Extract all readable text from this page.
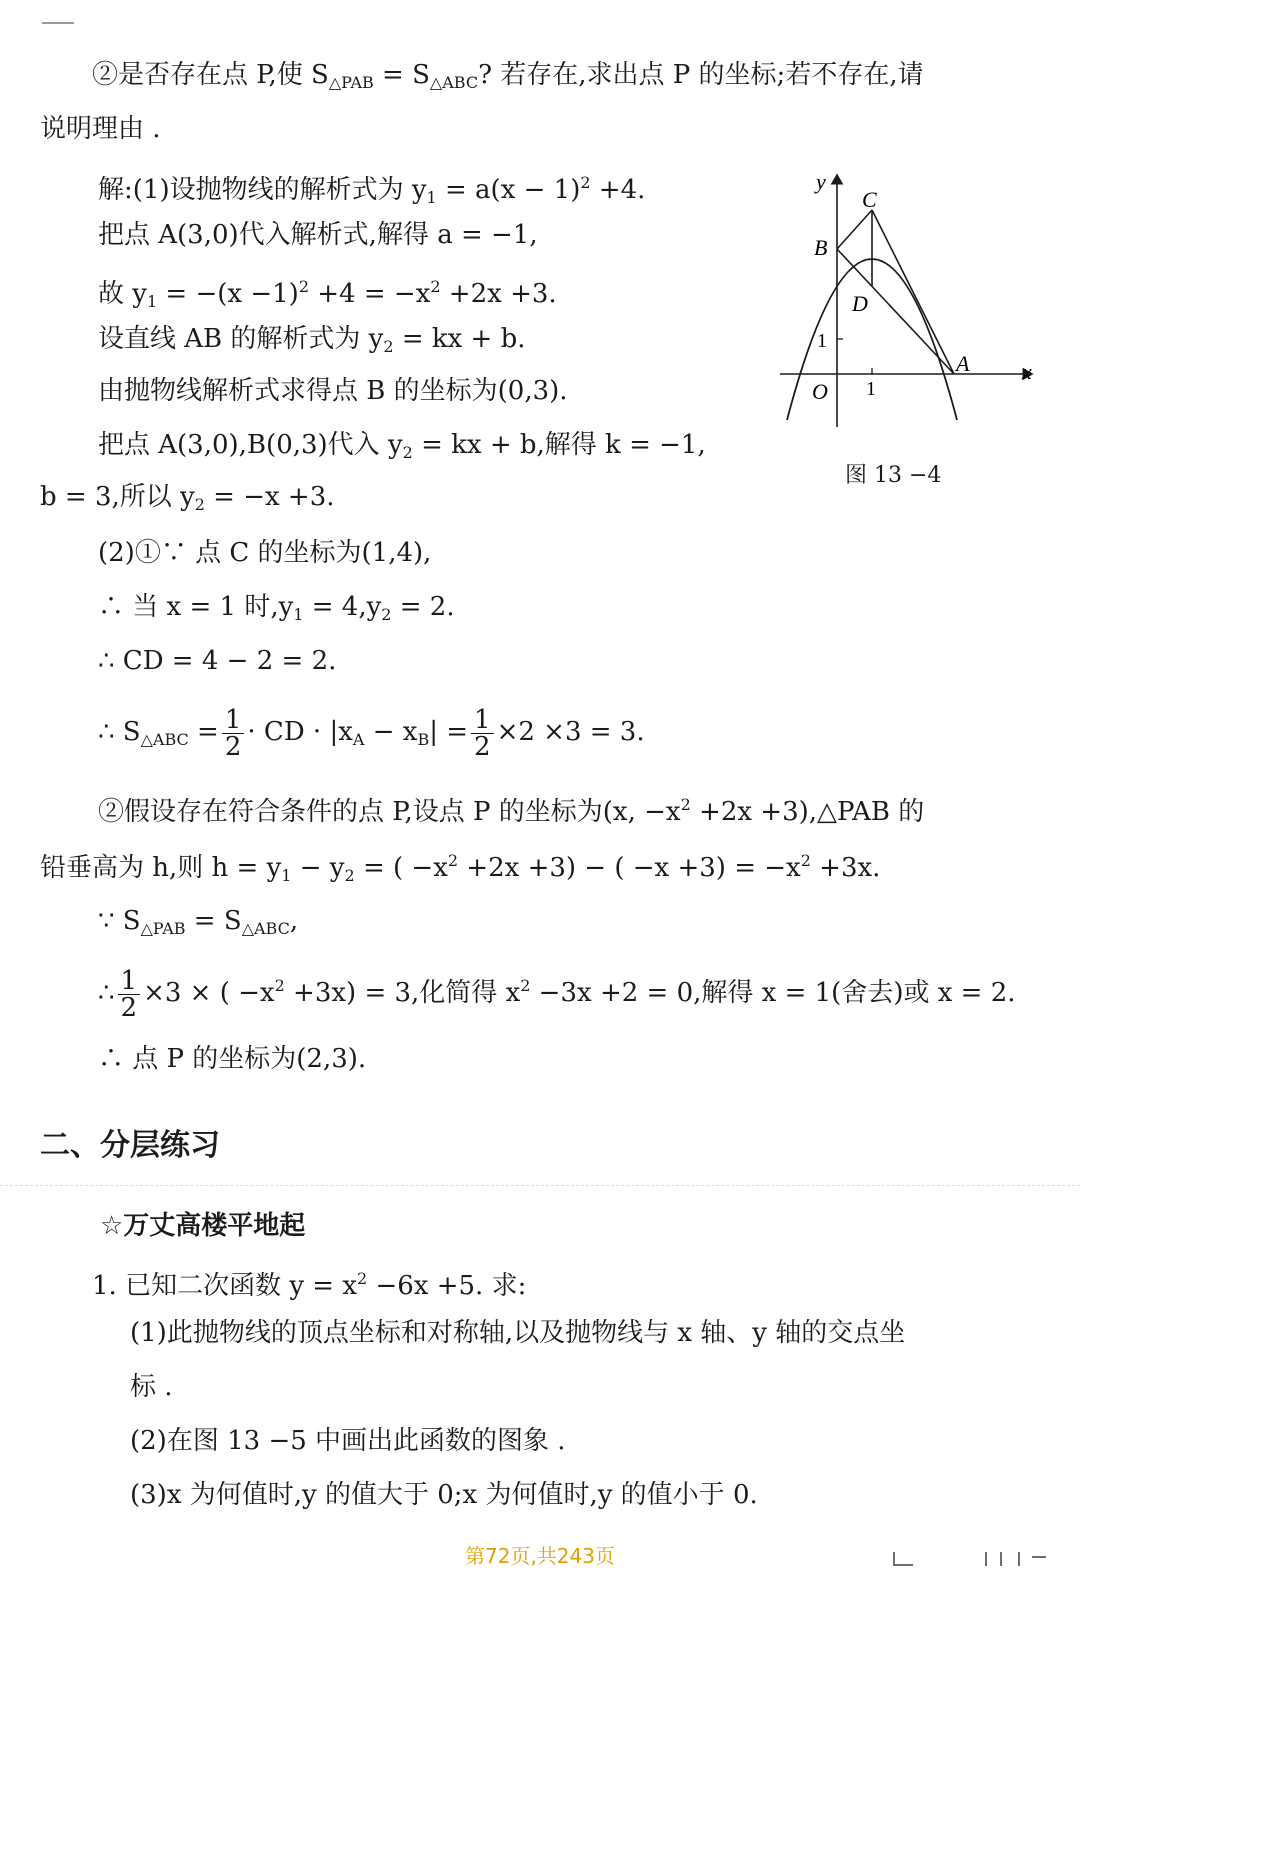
②是否存在点 P,使 $S_{\triangle PAB} = S_{\triangle ABC}$? 若存在,求出点 P 的坐标;若不存在,请
说明理由 .
解:(1)设抛物线的解析式为 $y_1 = a(x - 1)^2 +4$.
把点 A(3,0)代入解析式,解得 a = −1,
故 $y_1 = -(x -1)^2 +4 = -x^2 +2x +3$.
设直线 AB 的解析式为 $y_2$ = kx + b.
由抛物线解析式求得点 B 的坐标为(0,3).
把点 A(3,0),B(0,3)代入 $y_2$ = kx + b,解得 k = −1,
b = 3,所以 $y_2 = -x +3$.
(2)①∵ 点 C 的坐标为(1,4),
∴ 当 x = 1 时$,y_1 = 4,y_2 = 2$.
∴ CD = 4 − 2 = 2.
∴ $S_{\triangle ABC} = \frac{1}{2}$ · CD · $|x_A - x_B| = \frac{1}{2} \times 2 \times 3 = 3$.
②假设存在符合条件的点 P,设点 P 的坐标为(x, $-x^2 +2x$ +3),△PAB 的
铅垂高为 h,则 $h = y_1 - y_2$ = ( $-x^2 +2x +3$) − ( $-x +3) = -x^2 +3x$.
∵ $S_{\triangle PAB} = S_{\triangle ABC}$,
∴ $\frac{1}{2} \times 3$ × ( $-x^2 +3x) = 3$,化简得 $x^2 -3x +2 = 0$,解得 x = 1(舍去)或 x = 2.
∴ 点 P 的坐标为(2,3).
二、分层练习
☆万丈高楼平地起
1. 已知二次函数 $y = x^2 -6x +5$. 求:
(1)此抛物线的顶点坐标和对称轴,以及抛物线与 x 轴、y 轴的交点坐
标 .
(2)在图 13 −5 中画出此函数的图象 .
(3)x 为何值时,y 的值大于 0;x 为何值时,y 的值小于 0.
y
x
O 1
1
A
B
C
D
图 13 −4
第72页,共243页
